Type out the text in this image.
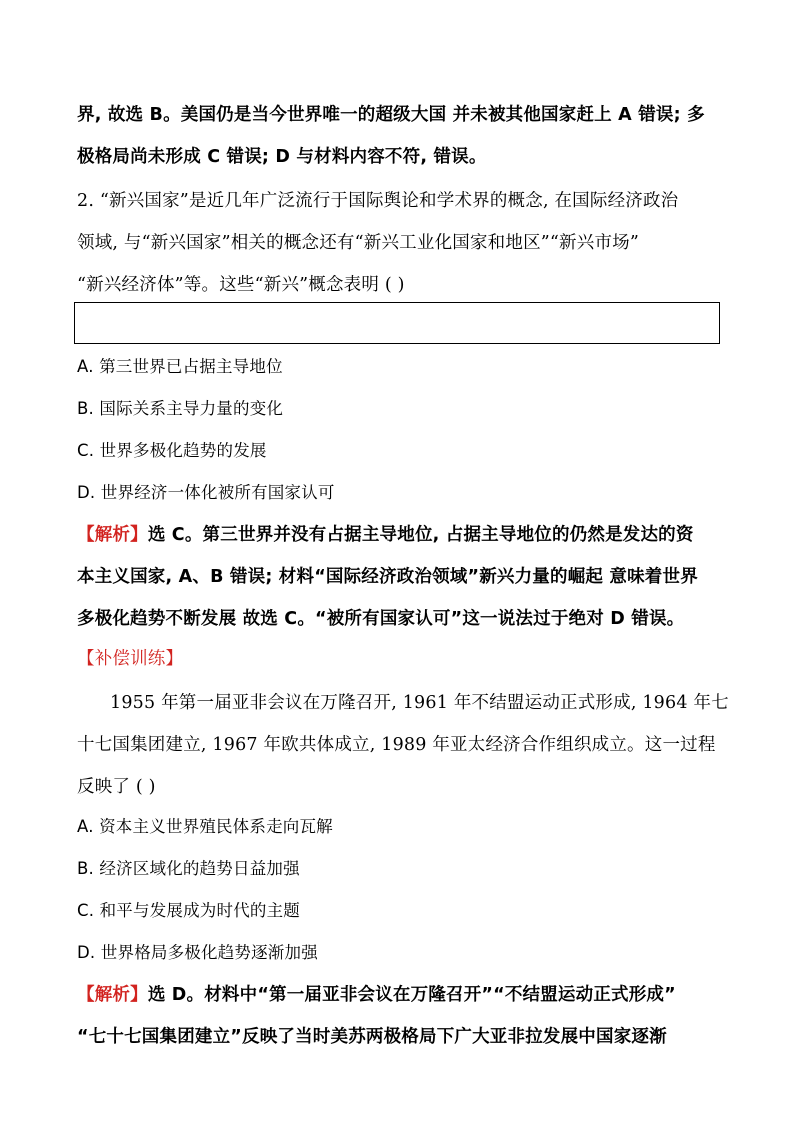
界, 故选 B。美国仍是当今世界唯一的超级大国 并未被其他国家赶上 A 错误; 多
极格局尚未形成 C 错误; D 与材料内容不符, 错误。
2. “新兴国家”是近几年广泛流行于国际舆论和学术界的概念, 在国际经济政治
领域, 与“新兴国家”相关的概念还有“新兴工业化国家和地区”“新兴市场”
“新兴经济体”等。这些“新兴”概念表明 ( )
A. 第三世界已占据主导地位
B. 国际关系主导力量的变化
C. 世界多极化趋势的发展
D. 世界经济一体化被所有国家认可
【解析】选 C。第三世界并没有占据主导地位, 占据主导地位的仍然是发达的资
本主义国家, A、B 错误; 材料“国际经济政治领域”新兴力量的崛起 意味着世界
多极化趋势不断发展 故选 C。“被所有国家认可”这一说法过于绝对 D 错误。
【补偿训练】
1955 年第一届亚非会议在万隆召开, 1961 年不结盟运动正式形成, 1964 年七
十七国集团建立, 1967 年欧共体成立, 1989 年亚太经济合作组织成立。这一过程
反映了 ( )
A. 资本主义世界殖民体系走向瓦解
B. 经济区域化的趋势日益加强
C. 和平与发展成为时代的主题
D. 世界格局多极化趋势逐渐加强
【解析】选 D。材料中“第一届亚非会议在万隆召开”“不结盟运动正式形成”
“七十七国集团建立”反映了当时美苏两极格局下广大亚非拉发展中国家逐渐
